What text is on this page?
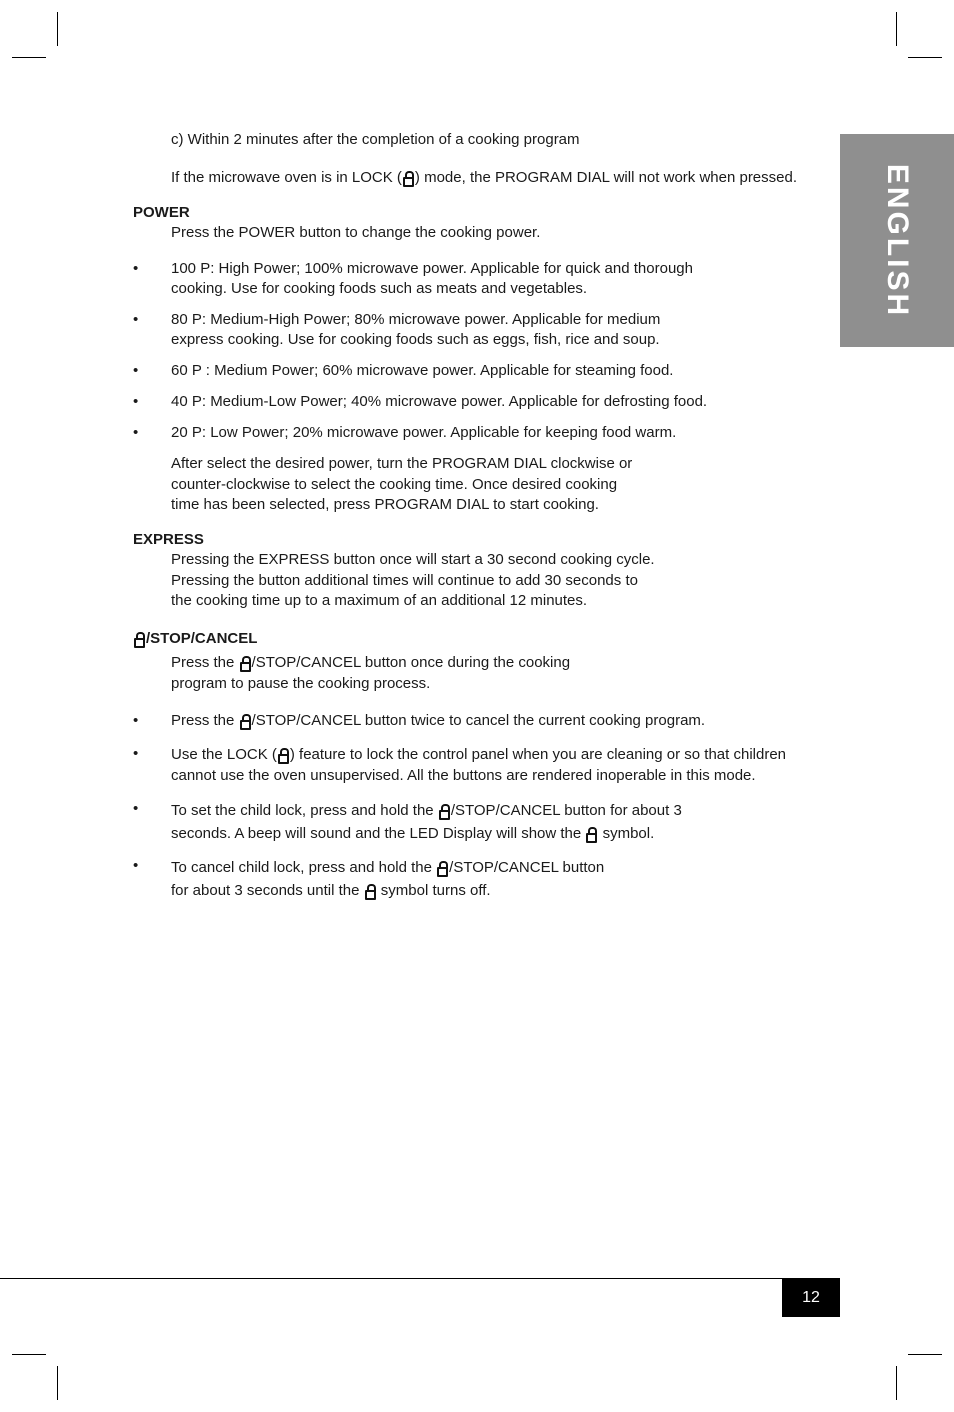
ENGLISH
c) Within 2 minutes after the completion of a cooking program
If the microwave oven is in LOCK ( ) mode, the PROGRAM DIAL will not work when pressed.
POWER
Press the POWER button to change the cooking power.
• 100 P: High Power; 100% microwave power. Applicable for quick and thorough
cooking. Use for cooking foods such as meats and vegetables.
• 80 P: Medium-High Power; 80% microwave power. Applicable for medium
express cooking. Use for cooking foods such as eggs, fish, rice and soup.
• 60 P : Medium Power; 60% microwave power. Applicable for steaming food.
• 40 P: Medium-Low Power; 40% microwave power. Applicable for defrosting food.
• 20 P: Low Power; 20% microwave power. Applicable for keeping food warm.
After select the desired power, turn the PROGRAM DIAL clockwise or
counter-clockwise to select the cooking time. Once desired cooking
time has been selected, press PROGRAM DIAL to start cooking.
EXPRESS
Pressing the EXPRESS button once will start a 30 second cooking cycle.
Pressing the button additional times will continue to add 30 seconds to
the cooking time up to a maximum of an additional 12 minutes.
/STOP/CANCEL
Press the /STOP/CANCEL button once during the cooking
program to pause the cooking process.
• Press the /STOP/CANCEL button twice to cancel the current cooking program.
• Use the LOCK ( ) feature to lock the control panel when you are cleaning or so that children
cannot use the oven unsupervised. All the buttons are rendered inoperable in this mode.
• To set the child lock, press and hold the /STOP/CANCEL button for about 3
seconds. A beep will sound and the LED Display will show the  symbol.
• To cancel child lock, press and hold the /STOP/CANCEL button
for about 3 seconds until the  symbol turns off.
12
